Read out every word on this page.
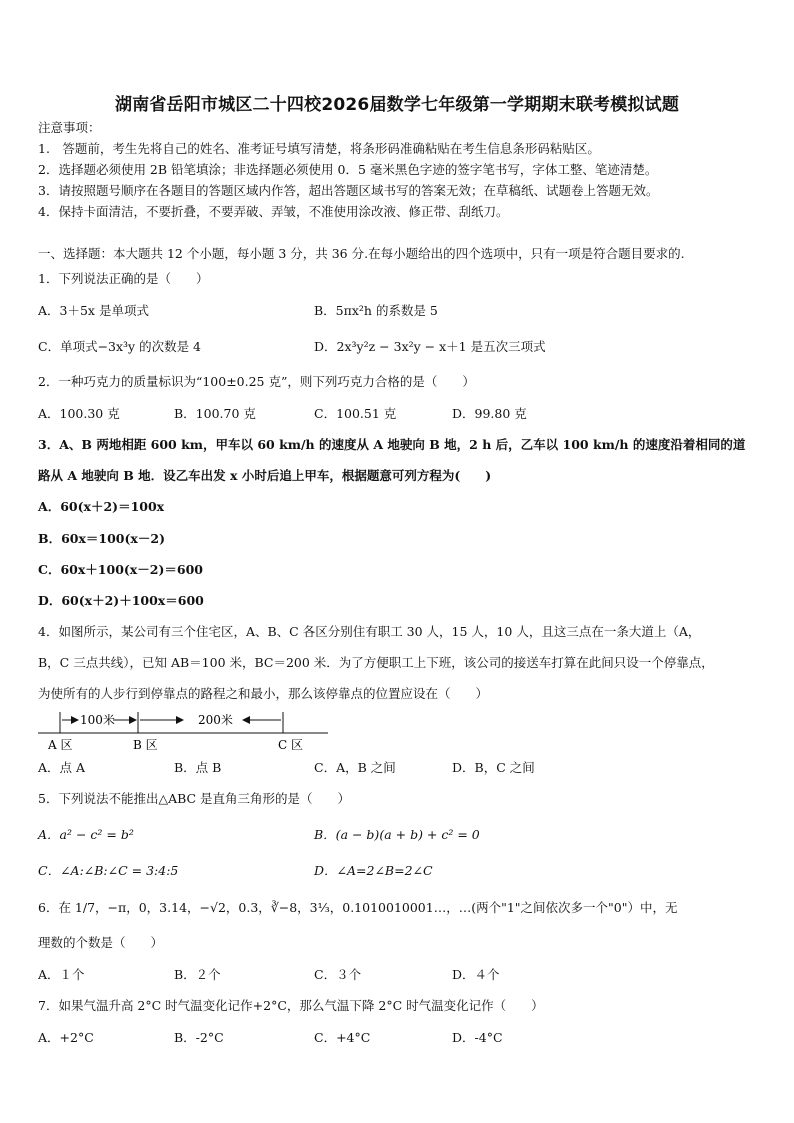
湖南省岳阳市城区二十四校2026届数学七年级第一学期期末联考模拟试题
注意事项：
1.　答题前，考生先将自己的姓名、准考证号填写清楚，将条形码准确粘贴在考生信息条形码粘贴区。
2．选择题必须使用 2B 铅笔填涂；非选择题必须使用 0．5 毫米黑色字迹的签字笔书写，字体工整、笔迹清楚。
3．请按照题号顺序在各题目的答题区域内作答，超出答题区域书写的答案无效；在草稿纸、试题卷上答题无效。
4．保持卡面清洁，不要折叠，不要弄破、弄皱，不准使用涂改液、修正带、刮纸刀。
一、选择题：本大题共 12 个小题，每小题 3 分，共 36 分.在每小题给出的四个选项中，只有一项是符合题目要求的.
1．下列说法正确的是（　　）
A．3＋5x 是单项式	B．5πx²h 的系数是 5
C．单项式−3x³y 的次数是 4	D．2x³y²z − 3x²y − x＋1 是五次三项式
2．一种巧克力的质量标识为“100±0.25 克”，则下列巧克力合格的是（　　）
A．100.30 克	B．100.70 克	C．100.51 克	D．99.80 克
3．A、B 两地相距 600 km，甲车以 60 km/h 的速度从 A 地驶向 B 地，2 h 后，乙车以 100 km/h 的速度沿着相同的道
路从 A 地驶向 B 地．设乙车出发 x 小时后追上甲车，根据题意可列方程为(　　)
A．60(x＋2)＝100x
B．60x＝100(x－2)
C．60x＋100(x－2)＝600
D．60(x＋2)＋100x＝600
4．如图所示，某公司有三个住宅区，A、B、C 各区分别住有职工 30 人，15 人，10 人，且这三点在一条大道上（A，
B，C 三点共线），已知 AB＝100 米，BC＝200 米．为了方便职工上下班，该公司的接送车打算在此间只设一个停靠点，
为使所有的人步行到停靠点的路程之和最小，那么该停靠点的位置应设在（　　）
100米	200米
A 区	B 区	C 区
A．点 A	B．点 B	C．A，B 之间	D．B，C 之间
5．下列说法不能推出△ABC 是直角三角形的是（　　）
A．a² − c² = b²	B．(a − b)(a + b) + c² = 0
C．∠A:∠B:∠C = 3:4:5	D．∠A=2∠B=2∠C
6．在 1/7，−π，0，3.14，−√2，0.3，∛−8，3⅓，0.1010010001…，…(两个"1"之间依次多一个"0"）中，无
理数的个数是（　　）
A．１个	B．２个	C．３个	D．４个
7．如果气温升高 2°C 时气温变化记作+2°C，那么气温下降 2°C 时气温变化记作（　　）
A．+2°C	B．-2°C	C．+4°C	D．-4°C
